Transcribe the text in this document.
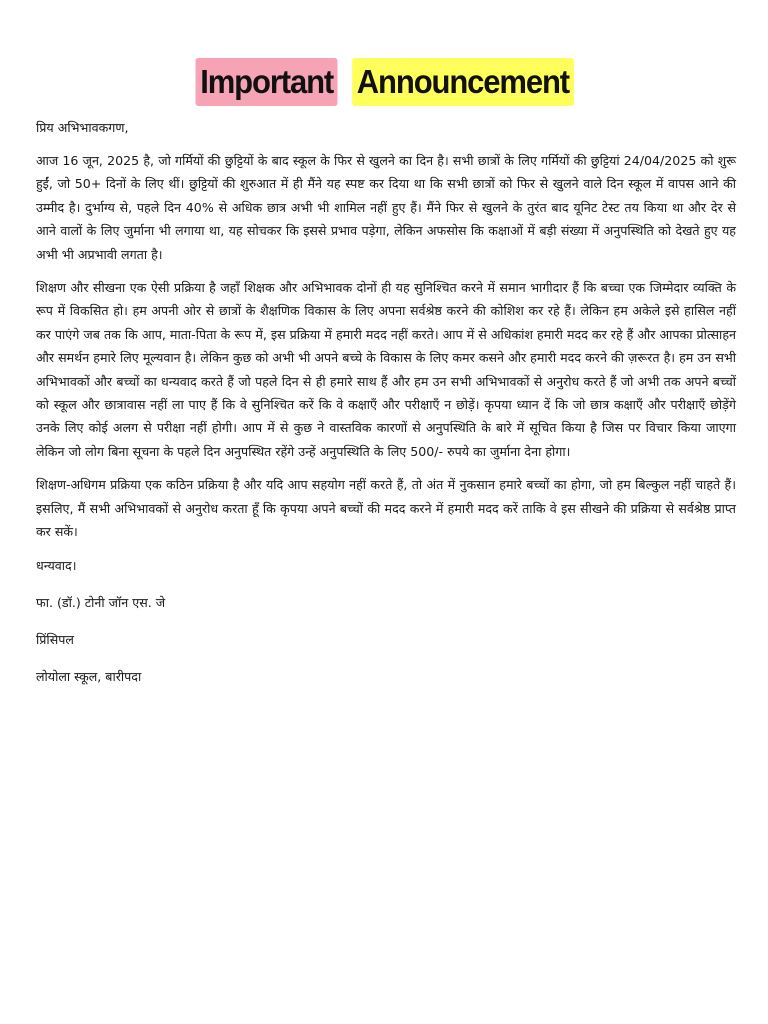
Important Announcement

प्रिय अभिभावकगण,

आज 16 जून, 2025 है, जो गर्मियों की छुट्टियों के बाद स्कूल के फिर से खुलने का दिन है। सभी छात्रों के लिए गर्मियों की छुट्टियां 24/04/2025 को शुरू हुईं, जो 50+ दिनों के लिए थीं। छुट्टियों की शुरुआत में ही मैंने यह स्पष्ट कर दिया था कि सभी छात्रों को फिर से खुलने वाले दिन स्कूल में वापस आने की उम्मीद है। दुर्भाग्य से, पहले दिन 40% से अधिक छात्र अभी भी शामिल नहीं हुए हैं। मैंने फिर से खुलने के तुरंत बाद यूनिट टेस्ट तय किया था और देर से आने वालों के लिए जुर्माना भी लगाया था, यह सोचकर कि इससे प्रभाव पड़ेगा, लेकिन अफसोस कि कक्षाओं में बड़ी संख्या में अनुपस्थिति को देखते हुए यह अभी भी अप्रभावी लगता है।

शिक्षण और सीखना एक ऐसी प्रक्रिया है जहाँ शिक्षक और अभिभावक दोनों ही यह सुनिश्चित करने में समान भागीदार हैं कि बच्चा एक जिम्मेदार व्यक्ति के रूप में विकसित हो। हम अपनी ओर से छात्रों के शैक्षणिक विकास के लिए अपना सर्वश्रेष्ठ करने की कोशिश कर रहे हैं। लेकिन हम अकेले इसे हासिल नहीं कर पाएंगे जब तक कि आप, माता-पिता के रूप में, इस प्रक्रिया में हमारी मदद नहीं करते। आप में से अधिकांश हमारी मदद कर रहे हैं और आपका प्रोत्साहन और समर्थन हमारे लिए मूल्यवान है। लेकिन कुछ को अभी भी अपने बच्चे के विकास के लिए कमर कसने और हमारी मदद करने की ज़रूरत है। हम उन सभी अभिभावकों और बच्चों का धन्यवाद करते हैं जो पहले दिन से ही हमारे साथ हैं और हम उन सभी अभिभावकों से अनुरोध करते हैं जो अभी तक अपने बच्चों को स्कूल और छात्रावास नहीं ला पाए हैं कि वे सुनिश्चित करें कि वे कक्षाएँ और परीक्षाएँ न छोड़ें। कृपया ध्यान दें कि जो छात्र कक्षाएँ और परीक्षाएँ छोड़ेंगे उनके लिए कोई अलग से परीक्षा नहीं होगी। आप में से कुछ ने वास्तविक कारणों से अनुपस्थिति के बारे में सूचित किया है जिस पर विचार किया जाएगा लेकिन जो लोग बिना सूचना के पहले दिन अनुपस्थित रहेंगे उन्हें अनुपस्थिति के लिए 500/- रुपये का जुर्माना देना होगा।

शिक्षण-अधिगम प्रक्रिया एक कठिन प्रक्रिया है और यदि आप सहयोग नहीं करते हैं, तो अंत में नुकसान हमारे बच्चों का होगा, जो हम बिल्कुल नहीं चाहते हैं। इसलिए, मैं सभी अभिभावकों से अनुरोध करता हूँ कि कृपया अपने बच्चों की मदद करने में हमारी मदद करें ताकि वे इस सीखने की प्रक्रिया से सर्वश्रेष्ठ प्राप्त कर सकें।

धन्यवाद।

फा. (डॉ.) टोनी जॉन एस. जे

प्रिंसिपल

लोयोला स्कूल, बारीपदा
